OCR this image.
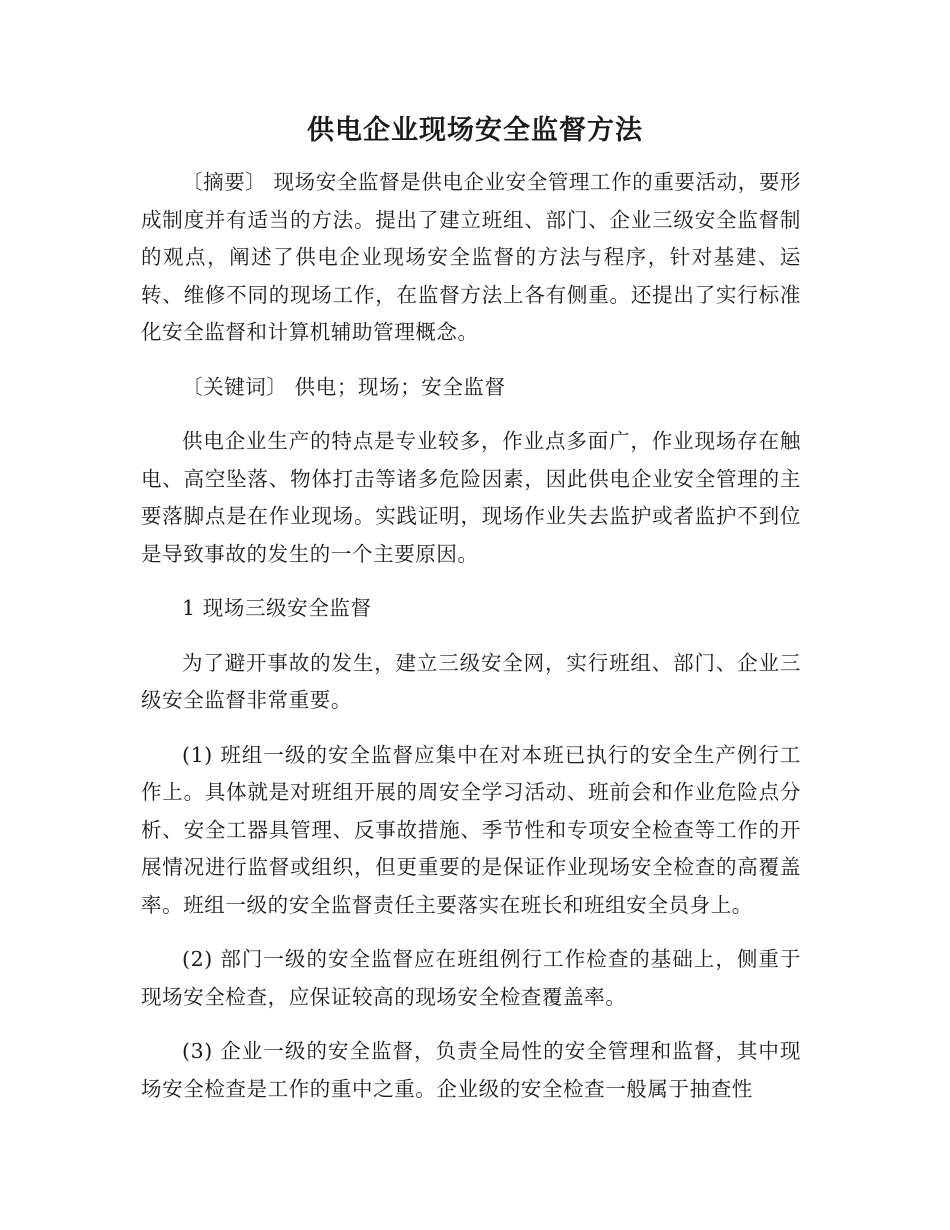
供电企业现场安全监督方法

〔摘要〕 现场安全监督是供电企业安全管理工作的重要活动，要形成制度并有适当的方法。提出了建立班组、部门、企业三级安全监督制的观点，阐述了供电企业现场安全监督的方法与程序，针对基建、运转、维修不同的现场工作，在监督方法上各有侧重。还提出了实行标准化安全监督和计算机辅助管理概念。

〔关键词〕 供电；现场；安全监督

供电企业生产的特点是专业较多，作业点多面广，作业现场存在触电、高空坠落、物体打击等诸多危险因素，因此供电企业安全管理的主要落脚点是在作业现场。实践证明，现场作业失去监护或者监护不到位是导致事故的发生的一个主要原因。

1 现场三级安全监督

为了避开事故的发生，建立三级安全网，实行班组、部门、企业三级安全监督非常重要。

(1) 班组一级的安全监督应集中在对本班已执行的安全生产例行工作上。具体就是对班组开展的周安全学习活动、班前会和作业危险点分析、安全工器具管理、反事故措施、季节性和专项安全检查等工作的开展情况进行监督或组织，但更重要的是保证作业现场安全检查的高覆盖率。班组一级的安全监督责任主要落实在班长和班组安全员身上。

(2) 部门一级的安全监督应在班组例行工作检查的基础上，侧重于现场安全检查，应保证较高的现场安全检查覆盖率。

(3) 企业一级的安全监督，负责全局性的安全管理和监督，其中现场安全检查是工作的重中之重。企业级的安全检查一般属于抽查性
